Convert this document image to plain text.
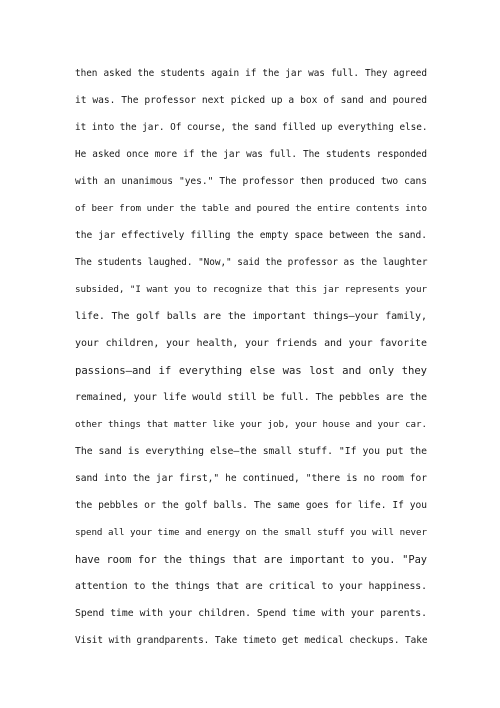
then asked the students again if the jar was full. They agreed
it was. The professor next picked up a box of sand and poured
it into the jar. Of course, the sand filled up everything else.
He asked once more if the jar was full. The students responded
with an unanimous "yes." The professor then produced two cans
of beer from under the table and poured the entire contents into
the jar effectively filling the empty space between the sand.
The students laughed. "Now," said the professor as the laughter
subsided, "I want you to recognize that this jar represents your
life. The golf balls are the important things—your family,
your children, your health, your friends and your favorite
passions—and if everything else was lost and only they
remained, your life would still be full. The pebbles are the
other things that matter like your job, your house and your car.
The sand is everything else—the small stuff. "If you put the
sand into the jar first," he continued, "there is no room for
the pebbles or the golf balls. The same goes for life. If you
spend all your time and energy on the small stuff you will never
have room for the things that are important to you. "Pay
attention to the things that are critical to your happiness.
Spend time with your children. Spend time with your parents.
Visit with grandparents. Take timeto get medical checkups. Take
